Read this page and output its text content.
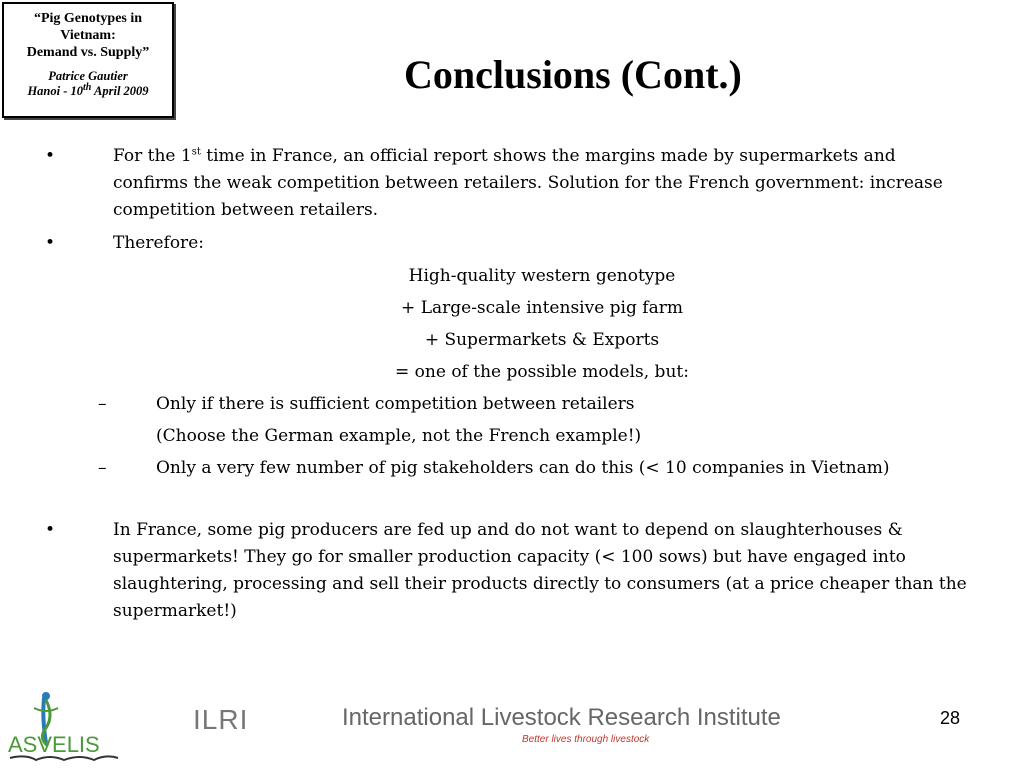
“Pig Genotypes in
Vietnam:
Demand vs. Supply”
Patrice Gautier
Hanoi - 10th April 2009	Conclusions (Cont.)
•	For the 1st time in France, an official report shows the margins made by supermarkets and confirms the weak competition between retailers. Solution for the French government: increase competition between retailers.
•	Therefore:
High-quality western genotype
+ Large-scale intensive pig farm
+ Supermarkets & Exports
= one of the possible models, but:
–	Only if there is sufficient competition between retailers
(Choose the German example, not the French example!)
–	Only a very few number of pig stakeholders can do this (< 10 companies in Vietnam)
•	In France, some pig producers are fed up and do not want to depend on slaughterhouses & supermarkets! They go for smaller production capacity (< 100 sows) but have engaged into slaughtering, processing and sell their products directly to consumers (at a price cheaper than the supermarket!)
ASVELIS
ILRI	International Livestock Research Institute
Better lives through livestock
28
